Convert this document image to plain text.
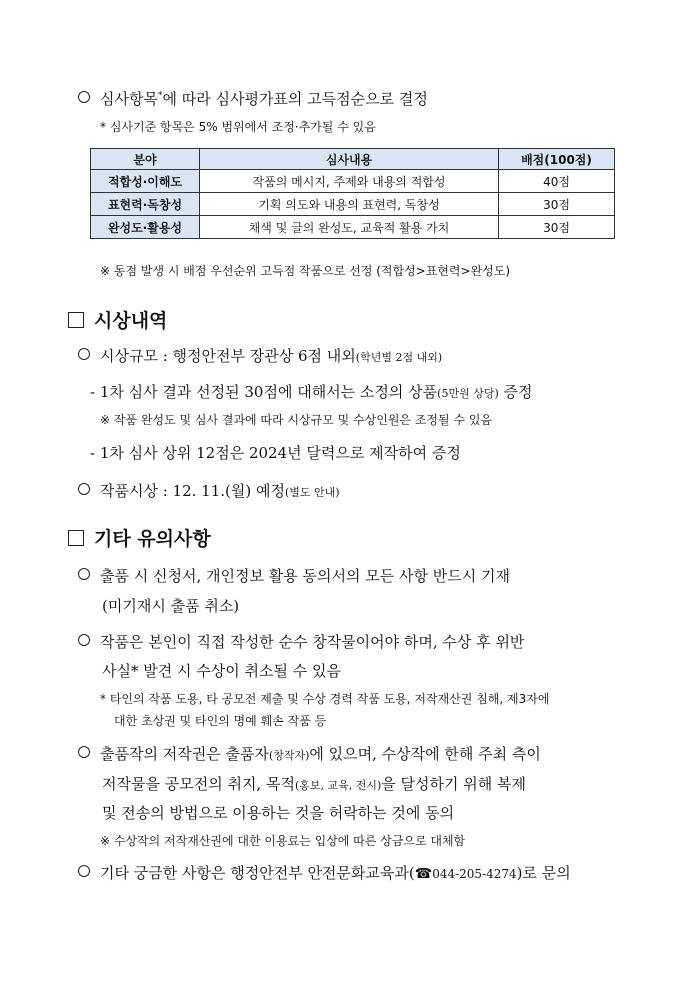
심사항목*에 따라 심사평가표의 고득점순으로 결정
* 심사기준 항목은 5% 범위에서 조정·추가될 수 있음
분야	심사내용	배점(100점)
적합성·이해도	작품의 메시지, 주제와 내용의 적합성	40점
표현력·독창성	기획 의도와 내용의 표현력, 독창성	30점
완성도·활용성	채색 및 글의 완성도, 교육적 활용 가치	30점
※ 동점 발생 시 배점 우선순위 고득점 작품으로 선정 (적합성>표현력>완성도)
시상내역
시상규모 : 행정안전부 장관상 6점 내외(학년별 2점 내외)
- 1차 심사 결과 선정된 30점에 대해서는 소정의 상품(5만원 상당) 증정
※ 작품 완성도 및 심사 결과에 따라 시상규모 및 수상인원은 조정될 수 있음
- 1차 심사 상위 12점은 2024년 달력으로 제작하여 증정
작품시상 : 12. 11.(월) 예정(별도 안내)
기타 유의사항
출품 시 신청서, 개인정보 활용 동의서의 모든 사항 반드시 기재
(미기재시 출품 취소)
작품은 본인이 직접 작성한 순수 창작물이어야 하며, 수상 후 위반
사실* 발견 시 수상이 취소될 수 있음
* 타인의 작품 도용, 타 공모전 제출 및 수상 경력 작품 도용, 저작재산권 침해, 제3자에
대한 초상권 및 타인의 명예 훼손 작품 등
출품작의 저작권은 출품자(창작자)에 있으며, 수상작에 한해 주최 측이
저작물을 공모전의 취지, 목적(홍보, 교육, 전시)을 달성하기 위해 복제
및 전송의 방법으로 이용하는 것을 허락하는 것에 동의
※ 수상작의 저작재산권에 대한 이용료는 입상에 따른 상금으로 대체함
기타 궁금한 사항은 행정안전부 안전문화교육과(☎044-205-4274)로 문의
